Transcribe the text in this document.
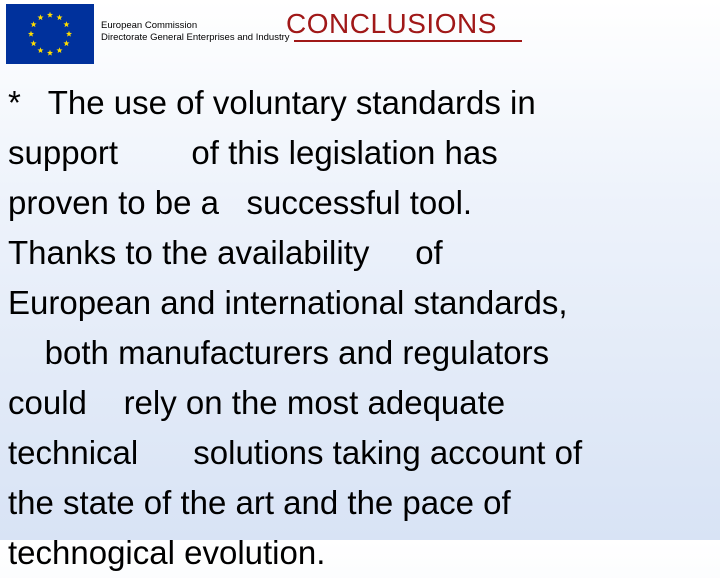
European Commission
Directorate General Enterprises and Industry
CONCLUSIONS
*   The use of voluntary standards in
support        of this legislation has
proven to be a   successful tool.
Thanks to the availability     of
European and international standards,
both manufacturers and regulators
could    rely on the most adequate
technical      solutions taking account of
the state of the art and the pace of
technogical evolution.
